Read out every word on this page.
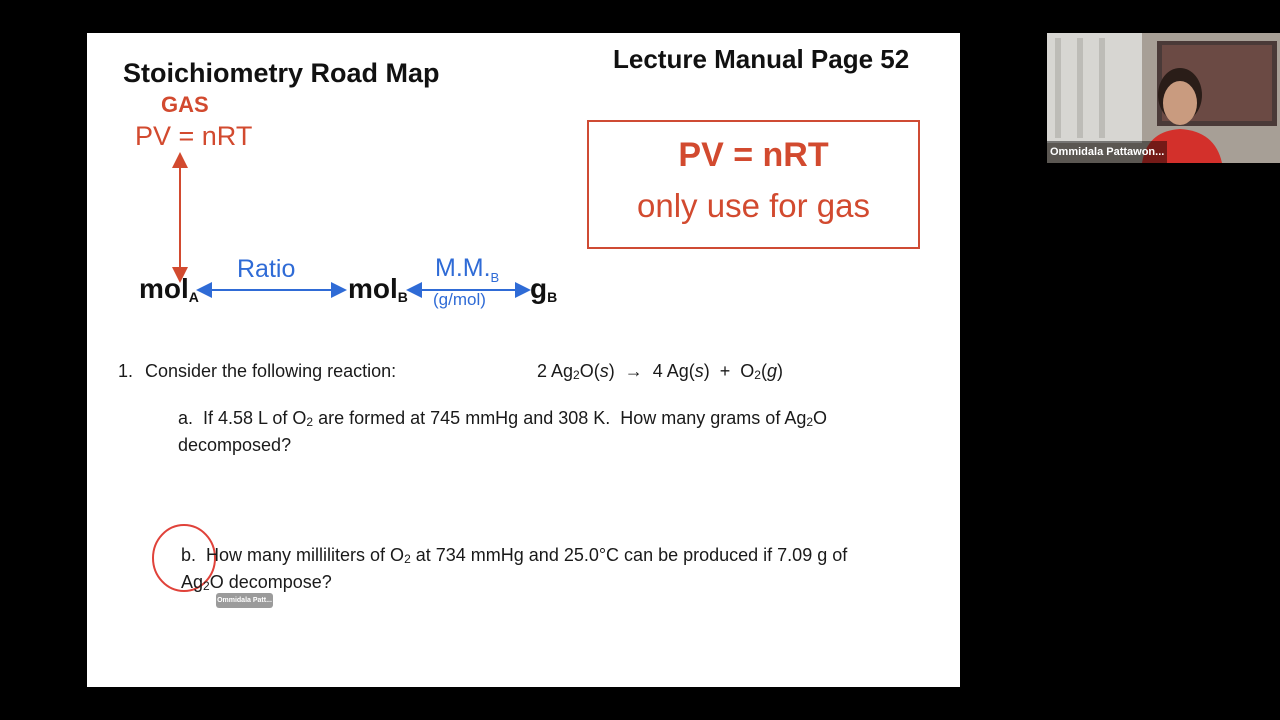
Stoichiometry Road Map	Lecture Manual Page 52
GAS
PV = nRT
mol$_A$	mol$_B$	$g_B$
Ratio	$M.M._B$
(g/mol)
PV = nRT
only use for gas
1. Consider the following reaction:	2 $Ag_2O(s) \to 4$ $Ag(s) + O_2(g)$
a.  If 4.58 L of $O_2$ are formed at 745 mmHg and 308 K.  How many grams of $Ag_2O$
decomposed?
b.  How many milliliters of $O_2$ at 734 mmHg and 25.0°C can be produced if 7.09 g of
$Ag_2O$ decompose?
Ommidala Patt...
Ommidala Pattawon...
